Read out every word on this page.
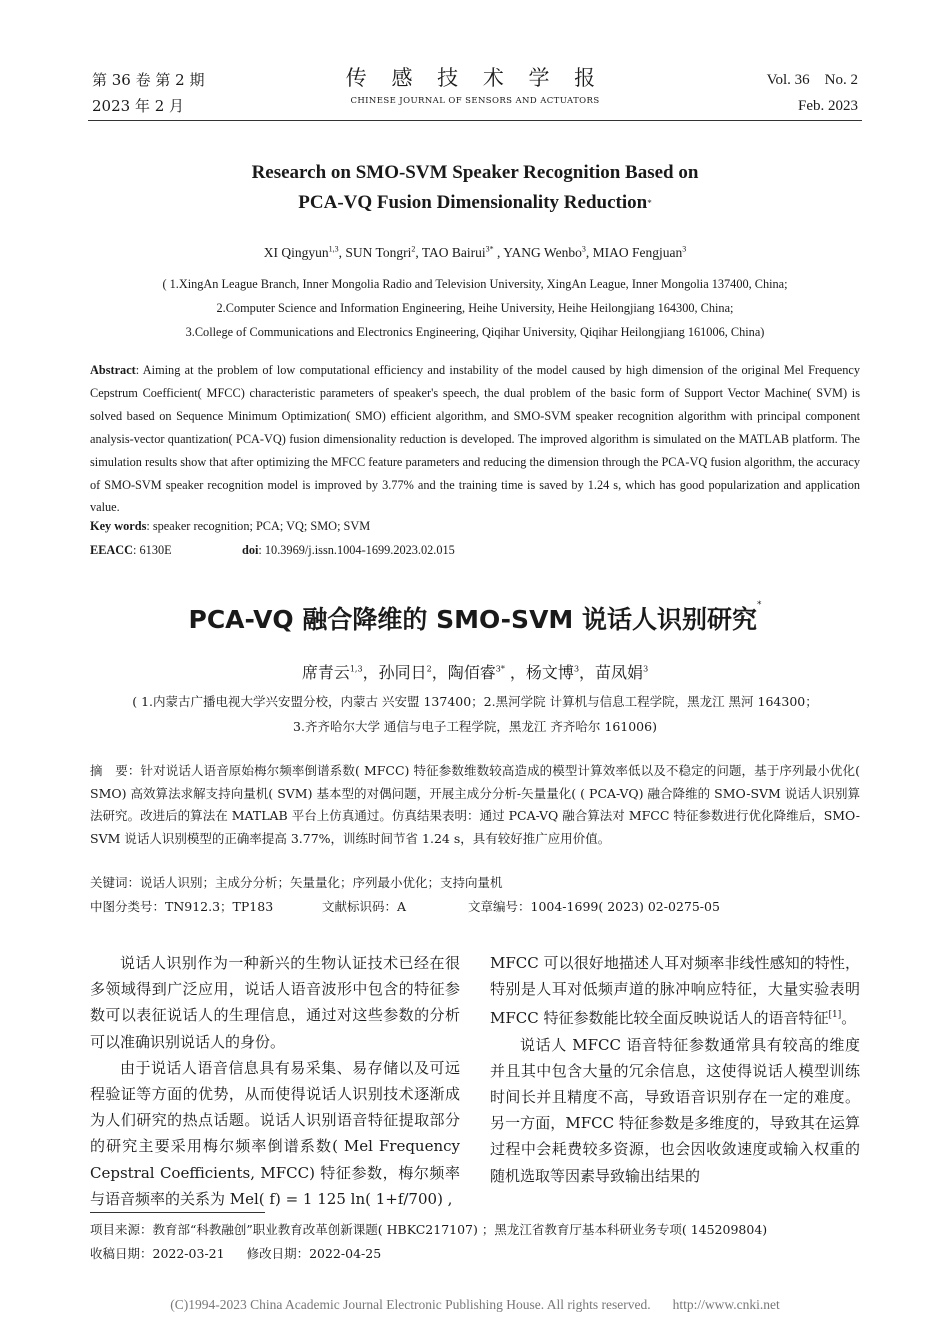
第 36 卷 第 2 期
2023 年 2 月
传 感 技 术 学 报
CHINESE JOURNAL OF SENSORS AND ACTUATORS
Vol. 36    No. 2
Feb. 2023
Research on SMO-SVM Speaker Recognition Based on
PCA-VQ Fusion Dimensionality Reduction*
XI Qingyun$^{1,3}$, SUN Tongri$^2$, TAO Bairui$^{3*}$ , YANG Wenbo$^3$, MIAO Fengjuan$^3$
( 1.XingAn League Branch, Inner Mongolia Radio and Television University, XingAn League, Inner Mongolia 137400, China;
2.Computer Science and Information Engineering, Heihe University, Heihe Heilongjiang 164300, China;
3.College of Communications and Electronics Engineering, Qiqihar University, Qiqihar Heilongjiang 161006, China)
Abstract: Aiming at the problem of low computational efficiency and instability of the model caused by high dimension of the original Mel Frequency Cepstrum Coefficient( MFCC) characteristic parameters of speaker's speech, the dual problem of the basic form of Support Vector Machine( SVM) is solved based on Sequence Minimum Optimization( SMO) efficient algorithm, and SMO-SVM speaker recognition algorithm with principal component analysis-vector quantization( PCA-VQ) fusion dimensionality reduction is developed. The improved algorithm is simulated on the MATLAB platform. The simulation results show that after optimizing the MFCC feature parameters and reducing the dimension through the PCA-VQ fusion algorithm, the accuracy of SMO-SVM speaker recognition model is improved by 3.77% and the training time is saved by 1.24 s, which has good popularization and application value.
Key words: speaker recognition; PCA; VQ; SMO; SVM
EEACC: 6130E	doi: 10.3969/j.issn.1004-1699.2023.02.015
PCA-VQ 融合降维的 SMO-SVM 说话人识别研究*
席青云$^{1,3}$，孙同日$^2$，陶佰睿$^{3*}$ ，杨文博$^3$，苗凤娟$^3$
( 1.内蒙古广播电视大学兴安盟分校，内蒙古 兴安盟 137400；2.黑河学院 计算机与信息工程学院，黑龙江 黑河 164300；
3.齐齐哈尔大学 通信与电子工程学院，黑龙江 齐齐哈尔 161006)
摘　要：针对说话人语音原始梅尔频率倒谱系数( MFCC) 特征参数维数较高造成的模型计算效率低以及不稳定的问题，基于序列最小优化( SMO) 高效算法求解支持向量机( SVM) 基本型的对偶问题，开展主成分分析-矢量量化( ( PCA-VQ) 融合降维的 SMO-SVM 说话人识别算法研究。改进后的算法在 MATLAB 平台上仿真通过。仿真结果表明：通过 PCA-VQ 融合算法对 MFCC 特征参数进行优化降维后，SMO-SVM 说话人识别模型的正确率提高 3.77%，训练时间节省 1.24 s，具有较好推广应用价值。
关键词：说话人识别；主成分分析；矢量量化；序列最小优化；支持向量机
中图分类号：TN912.3；TP183	文献标识码：A	文章编号：1004-1699( 2023) 02-0275-05

说话人识别作为一种新兴的生物认证技术已经在很多领域得到广泛应用，说话人语音波形中包含的特征参数可以表征说话人的生理信息，通过对这些参数的分析可以准确识别说话人的身份。

由于说话人语音信息具有易采集、易存储以及可远程验证等方面的优势，从而使得说话人识别技术逐渐成为人们研究的热点话题。说话人识别语音特征提取部分的研究主要采用梅尔频率倒谱系数( Mel Frequency Cepstral Coefficients, MFCC) 特征参数，梅尔频率与语音频率的关系为 Mel( f) = 1 125 ln( 1+f/700) ,

MFCC 可以很好地描述人耳对频率非线性感知的特性，特别是人耳对低频声道的脉冲响应特征，大量实验表明 MFCC 特征参数能比较全面反映说话人的语音特征[1]。

说话人 MFCC 语音特征参数通常具有较高的维度并且其中包含大量的冗余信息，这使得说话人模型训练时间长并且精度不高，导致语音识别存在一定的难度。另一方面，MFCC 特征参数是多维度的，导致其在运算过程中会耗费较多资源，也会因收敛速度或输入权重的随机选取等因素导致输出结果的

项目来源：教育部“科教融创”职业教育改革创新课题( HBKC217107) ；黑龙江省教育厅基本科研业务专项( 145209804)
收稿日期：2022-03-21 修改日期：2022-04-25
(C)1994-2023 China Academic Journal Electronic Publishing House. All rights reserved. http://www.cnki.net
